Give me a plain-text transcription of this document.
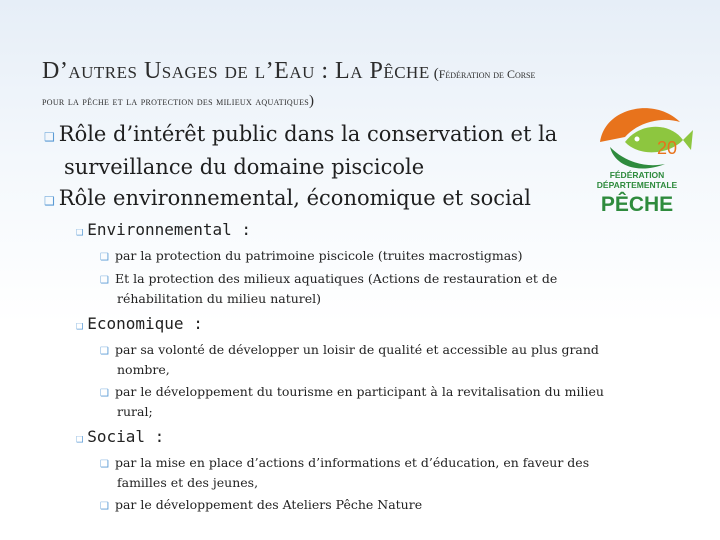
D’autres Usages de l’Eau : La Pêche (Fédération de Corse
pour la pêche et la protection des milieux aquatiques)
20
FÉDÉRATION
DÉPARTEMENTALE
PÊCHE
❑ Rôle d’intérêt public dans la conservation et la
surveillance du domaine piscicole
❑ Rôle environnemental, économique et social
❑ Environnemental :
❑ par la protection du patrimoine piscicole (truites macrostigmas)
❑ Et la protection des milieux aquatiques (Actions de restauration et de
réhabilitation du milieu naturel)
❑ Economique :
❑ par sa volonté de développer un loisir de qualité et accessible au plus grand
nombre,
❑ par le développement du tourisme en participant à la revitalisation du milieu
rural;
❑ Social :
❑ par la mise en place d’actions d’informations et d’éducation, en faveur des
familles et des jeunes,
❑ par le développement des Ateliers Pêche Nature
